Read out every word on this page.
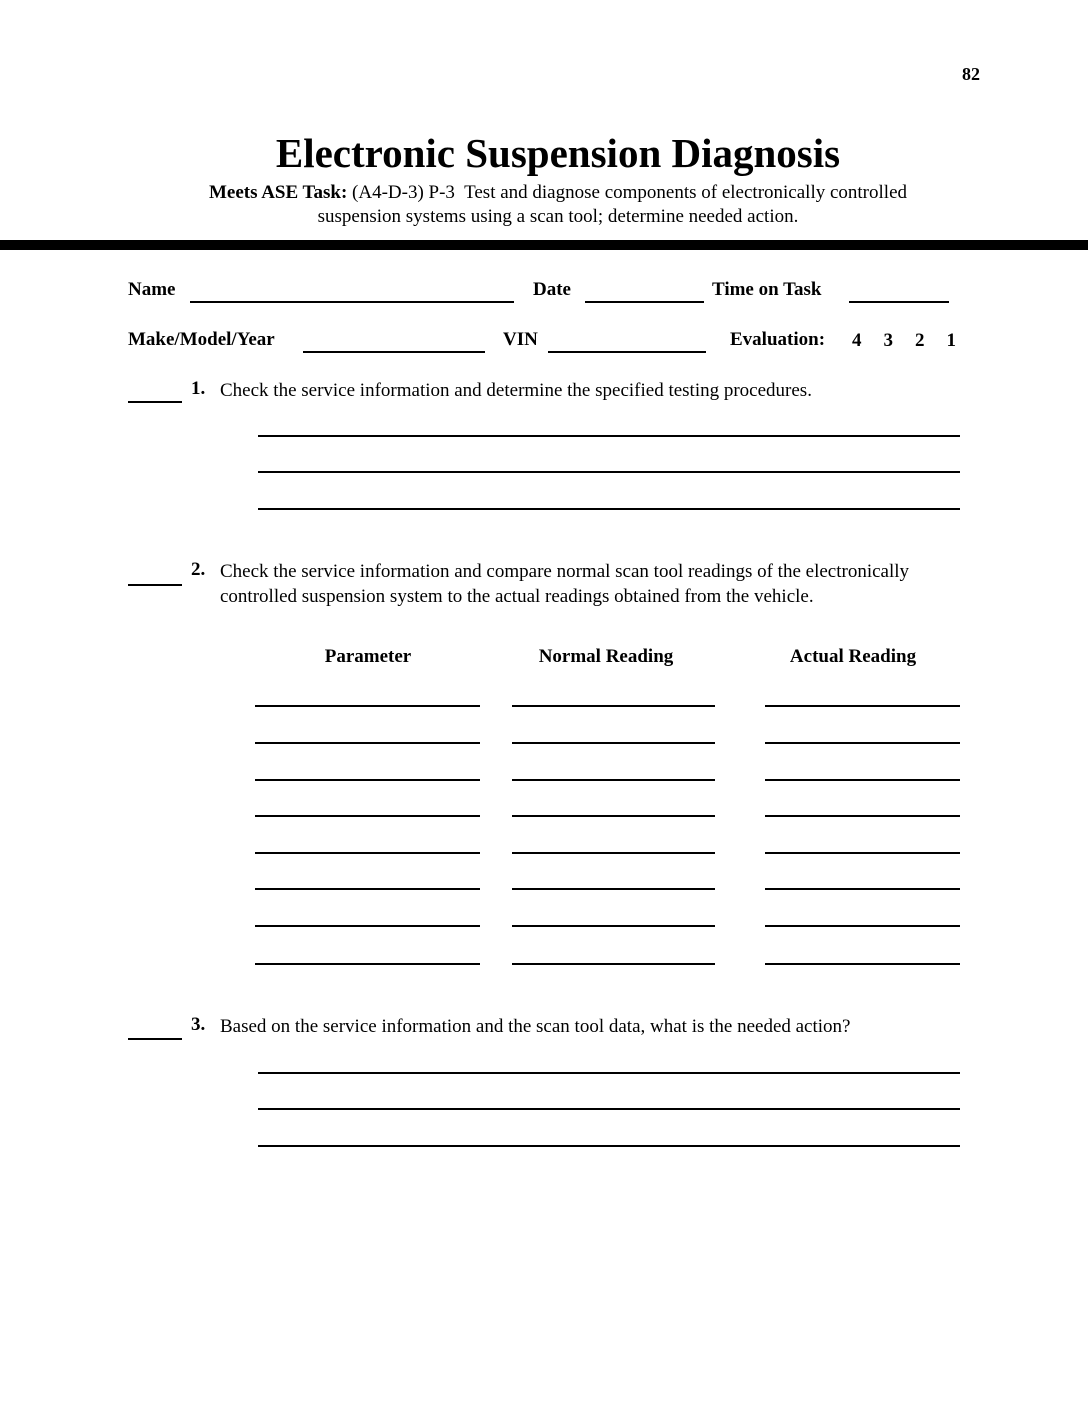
82
Electronic Suspension Diagnosis
Meets ASE Task: (A4-D-3) P-3  Test and diagnose components of electronically controlled
suspension systems using a scan tool; determine needed action.
Name	Date	Time on Task
Make/Model/Year	VIN	Evaluation: 4 3 2 1
1. Check the service information and determine the specified testing procedures.
2. Check the service information and compare normal scan tool readings of the electronically controlled suspension system to the actual readings obtained from the vehicle.
Parameter	Normal Reading	Actual Reading
3. Based on the service information and the scan tool data, what is the needed action?
